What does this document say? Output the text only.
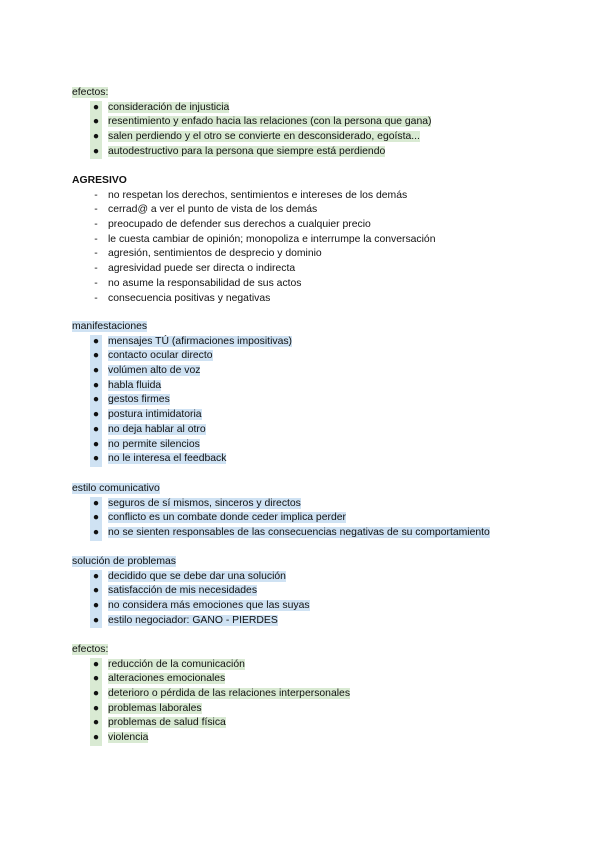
efectos:
● consideración de injusticia
● resentimiento y enfado hacia las relaciones (con la persona que gana)
● salen perdiendo y el otro se convierte en desconsiderado, egoísta...
● autodestructivo para la persona que siempre está perdiendo
AGRESIVO
- no respetan los derechos, sentimientos e intereses de los demás
- cerrad@ a ver el punto de vista de los demás
- preocupado de defender sus derechos a cualquier precio
- le cuesta cambiar de opinión; monopoliza e interrumpe la conversación
- agresión, sentimientos de desprecio y dominio
- agresividad puede ser directa o indirecta
- no asume la responsabilidad de sus actos
- consecuencia positivas y negativas
manifestaciones
● mensajes TÚ (afirmaciones impositivas)
● contacto ocular directo
● volúmen alto de voz
● habla fluida
● gestos firmes
● postura intimidatoria
● no deja hablar al otro
● no permite silencios
● no le interesa el feedback
estilo comunicativo
● seguros de sí mismos, sinceros y directos
● conflicto es un combate donde ceder implica perder
● no se sienten responsables de las consecuencias negativas de su comportamiento
solución de problemas
● decidido que se debe dar una solución
● satisfacción de mis necesidades
● no considera más emociones que las suyas
● estilo negociador: GANO - PIERDES
efectos:
● reducción de la comunicación
● alteraciones emocionales
● deterioro o pérdida de las relaciones interpersonales
● problemas laborales
● problemas de salud física
● violencia
